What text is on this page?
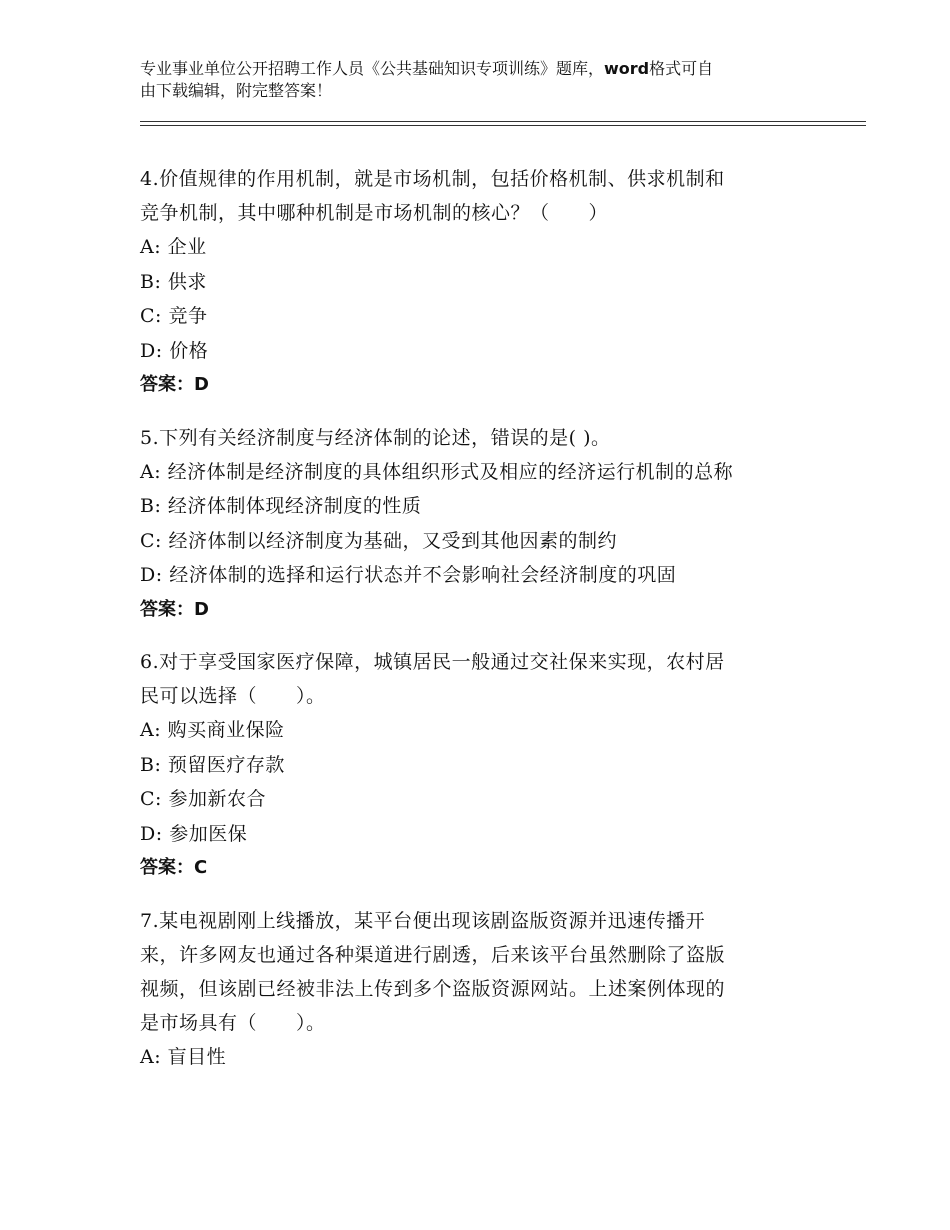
专业事业单位公开招聘工作人员《公共基础知识专项训练》题库，word格式可自
由下载编辑，附完整答案！
4.价值规律的作用机制，就是市场机制，包括价格机制、供求机制和
竞争机制，其中哪种机制是市场机制的核心？（　　）
A: 企业
B: 供求
C: 竞争
D: 价格
答案：D
5.下列有关经济制度与经济体制的论述，错误的是( )。
A: 经济体制是经济制度的具体组织形式及相应的经济运行机制的总称
B: 经济体制体现经济制度的性质
C: 经济体制以经济制度为基础，又受到其他因素的制约
D: 经济体制的选择和运行状态并不会影响社会经济制度的巩固
答案：D
6.对于享受国家医疗保障，城镇居民一般通过交社保来实现，农村居
民可以选择（　　）。
A: 购买商业保险
B: 预留医疗存款
C: 参加新农合
D: 参加医保
答案：C
7.某电视剧刚上线播放，某平台便出现该剧盗版资源并迅速传播开
来，许多网友也通过各种渠道进行剧透，后来该平台虽然删除了盗版
视频，但该剧已经被非法上传到多个盗版资源网站。上述案例体现的
是市场具有（　　）。
A: 盲目性
